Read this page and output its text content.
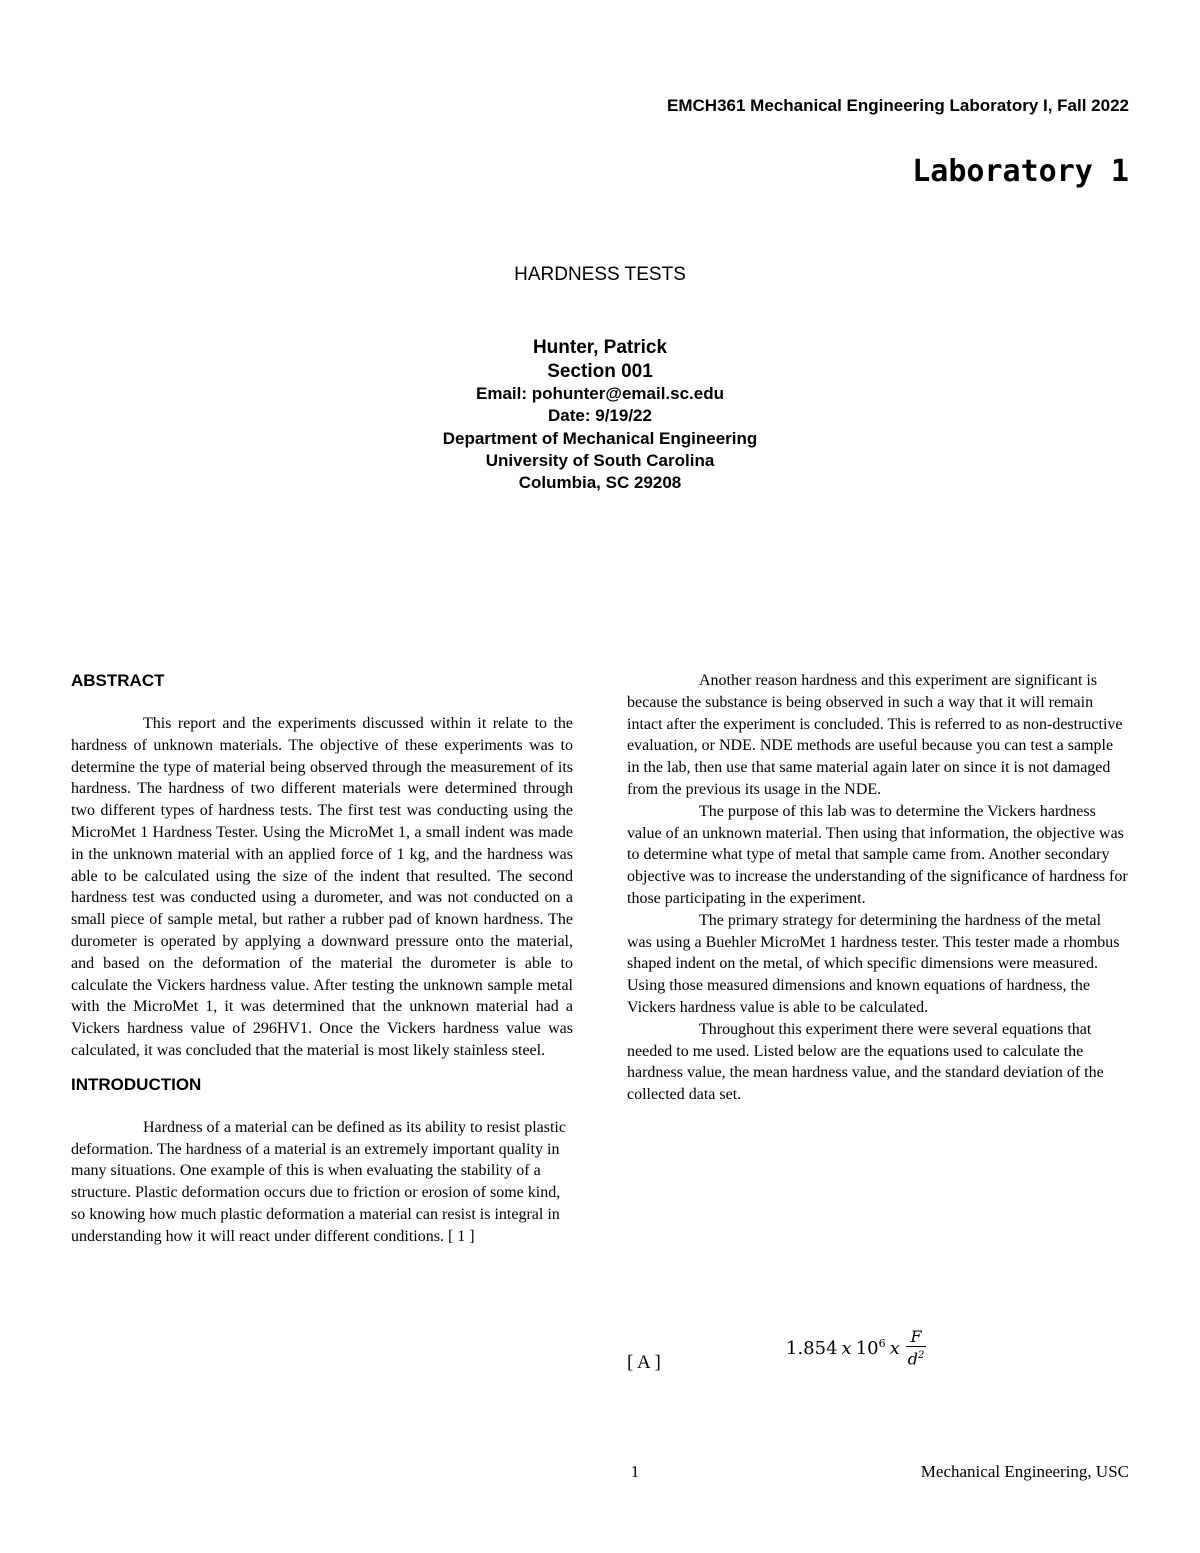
EMCH361 Mechanical Engineering Laboratory I, Fall 2022
Laboratory 1
HARDNESS TESTS
Hunter, Patrick
Section 001
Email: pohunter@email.sc.edu
Date: 9/19/22
Department of Mechanical Engineering
University of South Carolina
Columbia, SC 29208
ABSTRACT

This report and the experiments discussed within it relate to the hardness of unknown materials. The objective of these experiments was to determine the type of material being observed through the measurement of its hardness. The hardness of two different materials were determined through two different types of hardness tests. The first test was conducting using the MicroMet 1 Hardness Tester. Using the MicroMet 1, a small indent was made in the unknown material with an applied force of 1 kg, and the hardness was able to be calculated using the size of the indent that resulted. The second hardness test was conducted using a durometer, and was not conducted on a small piece of sample metal, but rather a rubber pad of known hardness. The durometer is operated by applying a downward pressure onto the material, and based on the deformation of the material the durometer is able to calculate the Vickers hardness value. After testing the unknown sample metal with the MicroMet 1, it was determined that the unknown material had a Vickers hardness value of 296HV1. Once the Vickers hardness value was calculated, it was concluded that the material is most likely stainless steel.

INTRODUCTION

Hardness of a material can be defined as its ability to resist plastic deformation. The hardness of a material is an extremely important quality in many situations. One example of this is when evaluating the stability of a structure. Plastic deformation occurs due to friction or erosion of some kind, so knowing how much plastic deformation a material can resist is integral in understanding how it will react under different conditions. [ 1 ]

Another reason hardness and this experiment are significant is because the substance is being observed in such a way that it will remain intact after the experiment is concluded. This is referred to as non-destructive evaluation, or NDE. NDE methods are useful because you can test a sample in the lab, then use that same material again later on since it is not damaged from the previous its usage in the NDE.

The purpose of this lab was to determine the Vickers hardness value of an unknown material. Then using that information, the objective was to determine what type of metal that sample came from. Another secondary objective was to increase the understanding of the significance of hardness for those participating in the experiment.

The primary strategy for determining the hardness of the metal was using a Buehler MicroMet 1 hardness tester. This tester made a rhombus shaped indent on the metal, of which specific dimensions were measured. Using those measured dimensions and known equations of hardness, the Vickers hardness value is able to be calculated.

Throughout this experiment there were several equations that needed to me used. Listed below are the equations used to calculate the hardness value, the mean hardness value, and the standard deviation of the collected data set.

[ A ]
1.854 x $10^6$ x $\frac{F}{d^2}$
1	Mechanical Engineering, USC
